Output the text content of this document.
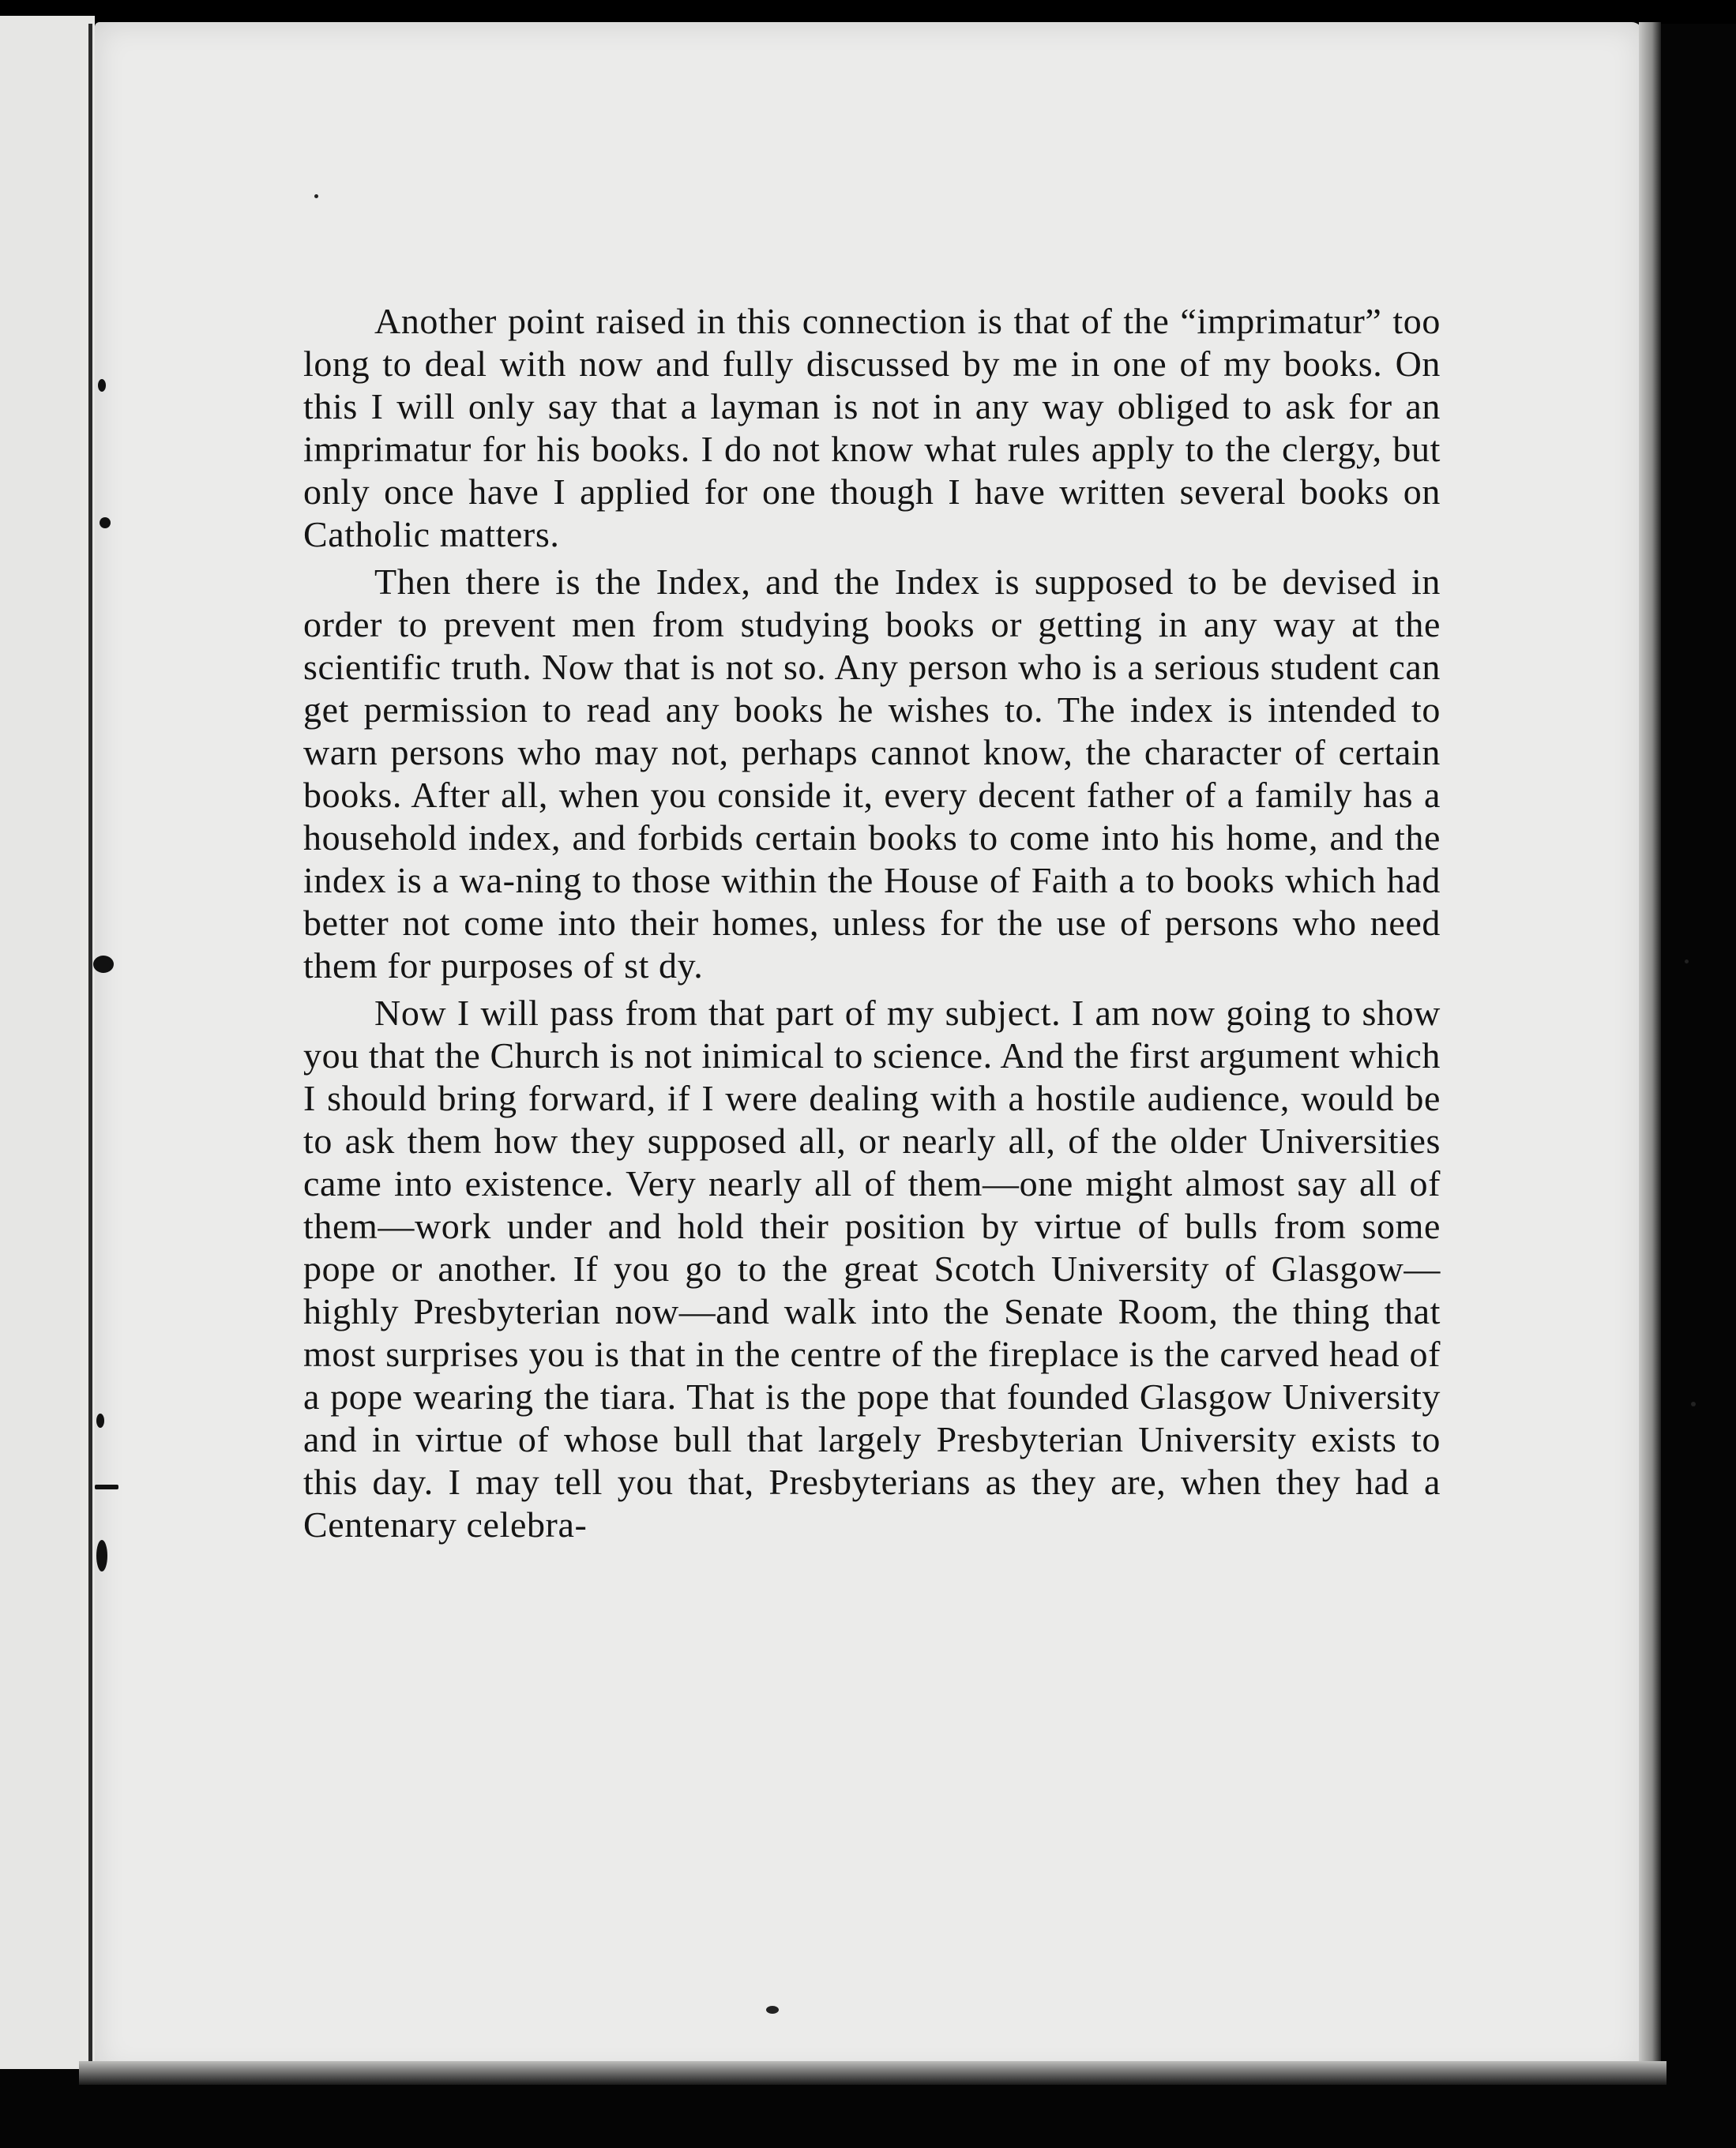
Another point raised in this connection is that of the “imprimatur” too long to deal with now and fully discussed by me in one of my books. On this I will only say that a layman is not in any way obliged to ask for an imprimatur for his books. I do not know what rules apply to the clergy, but only once have I applied for one though I have written several books on Catholic matters.

Then there is the Index, and the Index is supposed to be devised in order to prevent men from studying books or getting in any way at the scientific truth. Now that is not so. Any person who is a serious student can get permission to read any books he wishes to. The index is intended to warn persons who may not, perhaps cannot know, the character of certain books. After all, when you conside it, every decent father of a family has a household index, and forbids certain books to come into his home, and the index is a wa-ning to those within the House of Faith a to books which had better not come into their homes, unless for the use of persons who need them for purposes of st dy.

Now I will pass from that part of my subject. I am now going to show you that the Church is not inimical to science. And the first argument which I should bring forward, if I were dealing with a hostile audience, would be to ask them how they supposed all, or nearly all, of the older Universities came into existence. Very nearly all of them—one might almost say all of them—work under and hold their position by virtue of bulls from some pope or another. If you go to the great Scotch University of Glasgow—highly Presbyterian now—and walk into the Senate Room, the thing that most surprises you is that in the centre of the fireplace is the carved head of a pope wearing the tiara. That is the pope that founded Glasgow University and in virtue of whose bull that largely Presbyterian University exists to this day. I may tell you that, Presbyterians as they are, when they had a Centenary celebra-
